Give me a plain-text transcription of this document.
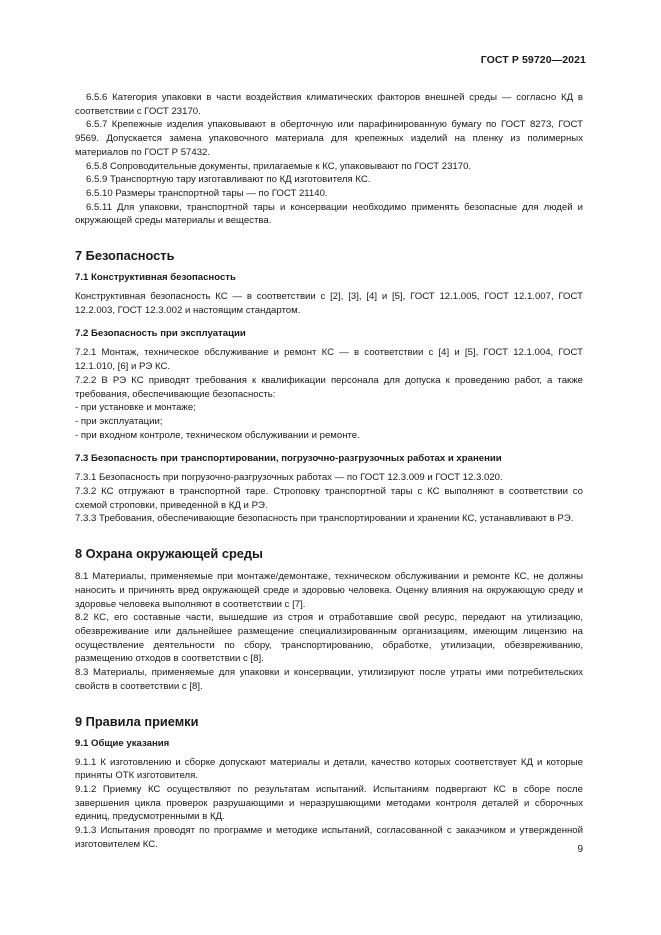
ГОСТ Р 59720—2021

6.5.6 Категория упаковки в части воздействия климатических факторов внешней среды — согласно КД в соответствии с ГОСТ 23170.

6.5.7 Крепежные изделия упаковывают в оберточную или парафинированную бумагу по ГОСТ 8273, ГОСТ 9569. Допускается замена упаковочного материала для крепежных изделий на пленку из полимерных материалов по ГОСТ Р 57432.

6.5.8 Сопроводительные документы, прилагаемые к КС, упаковывают по ГОСТ 23170.

6.5.9 Транспортную тару изготавливают по КД изготовителя КС.

6.5.10 Размеры транспортной тары — по ГОСТ 21140.

6.5.11 Для упаковки, транспортной тары и консервации необходимо применять безопасные для людей и окружающей среды материалы и вещества.

7 Безопасность
7.1 Конструктивная безопасность

Конструктивная безопасность КС — в соответствии с [2], [3], [4] и [5], ГОСТ 12.1.005, ГОСТ 12.1.007, ГОСТ 12.2.003, ГОСТ 12.3.002 и настоящим стандартом.

7.2 Безопасность при эксплуатации

7.2.1 Монтаж, техническое обслуживание и ремонт КС — в соответствии с [4] и [5], ГОСТ 12.1.004, ГОСТ 12.1.010, [6] и РЭ КС.

7.2.2 В РЭ КС приводят требования к квалификации персонала для допуска к проведению работ, а также требования, обеспечивающие безопасность:

- при установке и монтаже;

- при эксплуатации;

- при входном контроле, техническом обслуживании и ремонте.

7.3 Безопасность при транспортировании, погрузочно-разгрузочных работах и хранении

7.3.1 Безопасность при погрузочно-разгрузочных работах — по ГОСТ 12.3.009 и ГОСТ 12.3.020.

7.3.2 КС отгружают в транспортной таре. Строповку транспортной тары с КС выполняют в соответствии со схемой строповки, приведенной в КД и РЭ.

7.3.3 Требования, обеспечивающие безопасность при транспортировании и хранении КС, устанавливают в РЭ.

8 Охрана окружающей среды

8.1 Материалы, применяемые при монтаже/демонтаже, техническом обслуживании и ремонте КС, не должны наносить и причинять вред окружающей среде и здоровью человека. Оценку влияния на окружающую среду и здоровье человека выполняют в соответствии с [7].

8.2 КС, его составные части, вышедшие из строя и отработавшие свой ресурс, передают на утилизацию, обезвреживание или дальнейшее размещение специализированным организациям, имеющим лицензию на осуществление деятельности по сбору, транспортированию, обработке, утилизации, обезвреживанию, размещению отходов в соответствии с [8].

8.3 Материалы, применяемые для упаковки и консервации, утилизируют после утраты ими потребительских свойств в соответствии с [8].

9 Правила приемки
9.1 Общие указания

9.1.1 К изготовлению и сборке допускают материалы и детали, качество которых соответствует КД и которые приняты ОТК изготовителя.

9.1.2 Приемку КС осуществляют по результатам испытаний. Испытаниям подвергают КС в сборе после завершения цикла проверок разрушающими и неразрушающими методами контроля деталей и сборочных единиц, предусмотренными в КД.

9.1.3 Испытания проводят по программе и методике испытаний, согласованной с заказчиком и утвержденной изготовителем КС.	9
